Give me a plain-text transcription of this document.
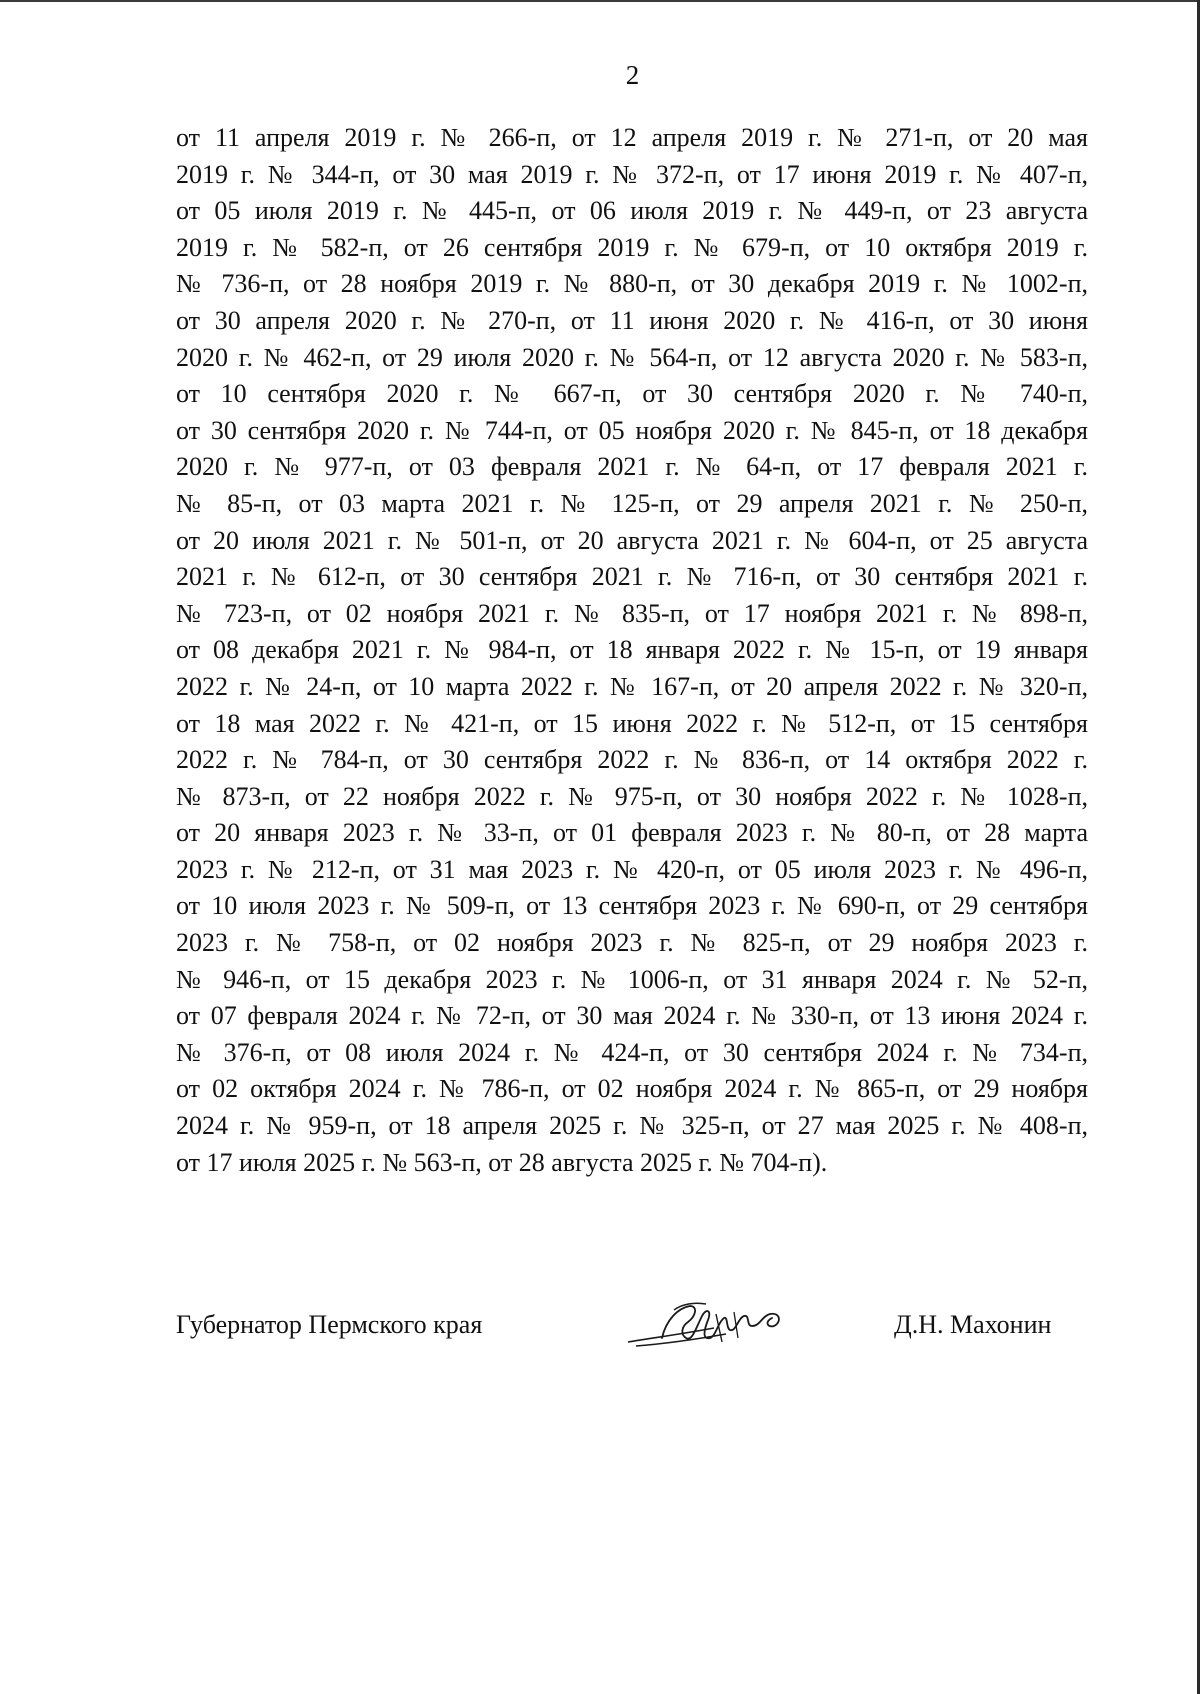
2
от 11 апреля 2019 г. № 266-п, от 12 апреля 2019 г. № 271-п, от 20 мая
2019 г. № 344-п, от 30 мая 2019 г. № 372-п, от 17 июня 2019 г. № 407-п,
от 05 июля 2019 г. № 445-п, от 06 июля 2019 г. № 449-п, от 23 августа
2019 г. № 582-п, от 26 сентября 2019 г. № 679-п, от 10 октября 2019 г.
№ 736-п, от 28 ноября 2019 г. № 880-п, от 30 декабря 2019 г. № 1002-п,
от 30 апреля 2020 г. № 270-п, от 11 июня 2020 г. № 416-п, от 30 июня
2020 г. № 462-п, от 29 июля 2020 г. № 564-п, от 12 августа 2020 г. № 583-п,
от 10 сентября 2020 г. № 667-п, от 30 сентября 2020 г. № 740-п,
от 30 сентября 2020 г. № 744-п, от 05 ноября 2020 г. № 845-п, от 18 декабря
2020 г. № 977-п, от 03 февраля 2021 г. № 64-п, от 17 февраля 2021 г.
№ 85-п, от 03 марта 2021 г. № 125-п, от 29 апреля 2021 г. № 250-п,
от 20 июля 2021 г. № 501-п, от 20 августа 2021 г. № 604-п, от 25 августа
2021 г. № 612-п, от 30 сентября 2021 г. № 716-п, от 30 сентября 2021 г.
№ 723-п, от 02 ноября 2021 г. № 835-п, от 17 ноября 2021 г. № 898-п,
от 08 декабря 2021 г. № 984-п, от 18 января 2022 г. № 15-п, от 19 января
2022 г. № 24-п, от 10 марта 2022 г. № 167-п, от 20 апреля 2022 г. № 320-п,
от 18 мая 2022 г. № 421-п, от 15 июня 2022 г. № 512-п, от 15 сентября
2022 г. № 784-п, от 30 сентября 2022 г. № 836-п, от 14 октября 2022 г.
№ 873-п, от 22 ноября 2022 г. № 975-п, от 30 ноября 2022 г. № 1028-п,
от 20 января 2023 г. № 33-п, от 01 февраля 2023 г. № 80-п, от 28 марта
2023 г. № 212-п, от 31 мая 2023 г. № 420-п, от 05 июля 2023 г. № 496-п,
от 10 июля 2023 г. № 509-п, от 13 сентября 2023 г. № 690-п, от 29 сентября
2023 г. № 758-п, от 02 ноября 2023 г. № 825-п, от 29 ноября 2023 г.
№ 946-п, от 15 декабря 2023 г. № 1006-п, от 31 января 2024 г. № 52-п,
от 07 февраля 2024 г. № 72-п, от 30 мая 2024 г. № 330-п, от 13 июня 2024 г.
№ 376-п, от 08 июля 2024 г. № 424-п, от 30 сентября 2024 г. № 734-п,
от 02 октября 2024 г. № 786-п, от 02 ноября 2024 г. № 865-п, от 29 ноября
2024 г. № 959-п, от 18 апреля 2025 г. № 325-п, от 27 мая 2025 г. № 408-п,
от 17 июля 2025 г. № 563-п, от 28 августа 2025 г. № 704-п).
Губернатор Пермского края	Д.Н. Махонин
